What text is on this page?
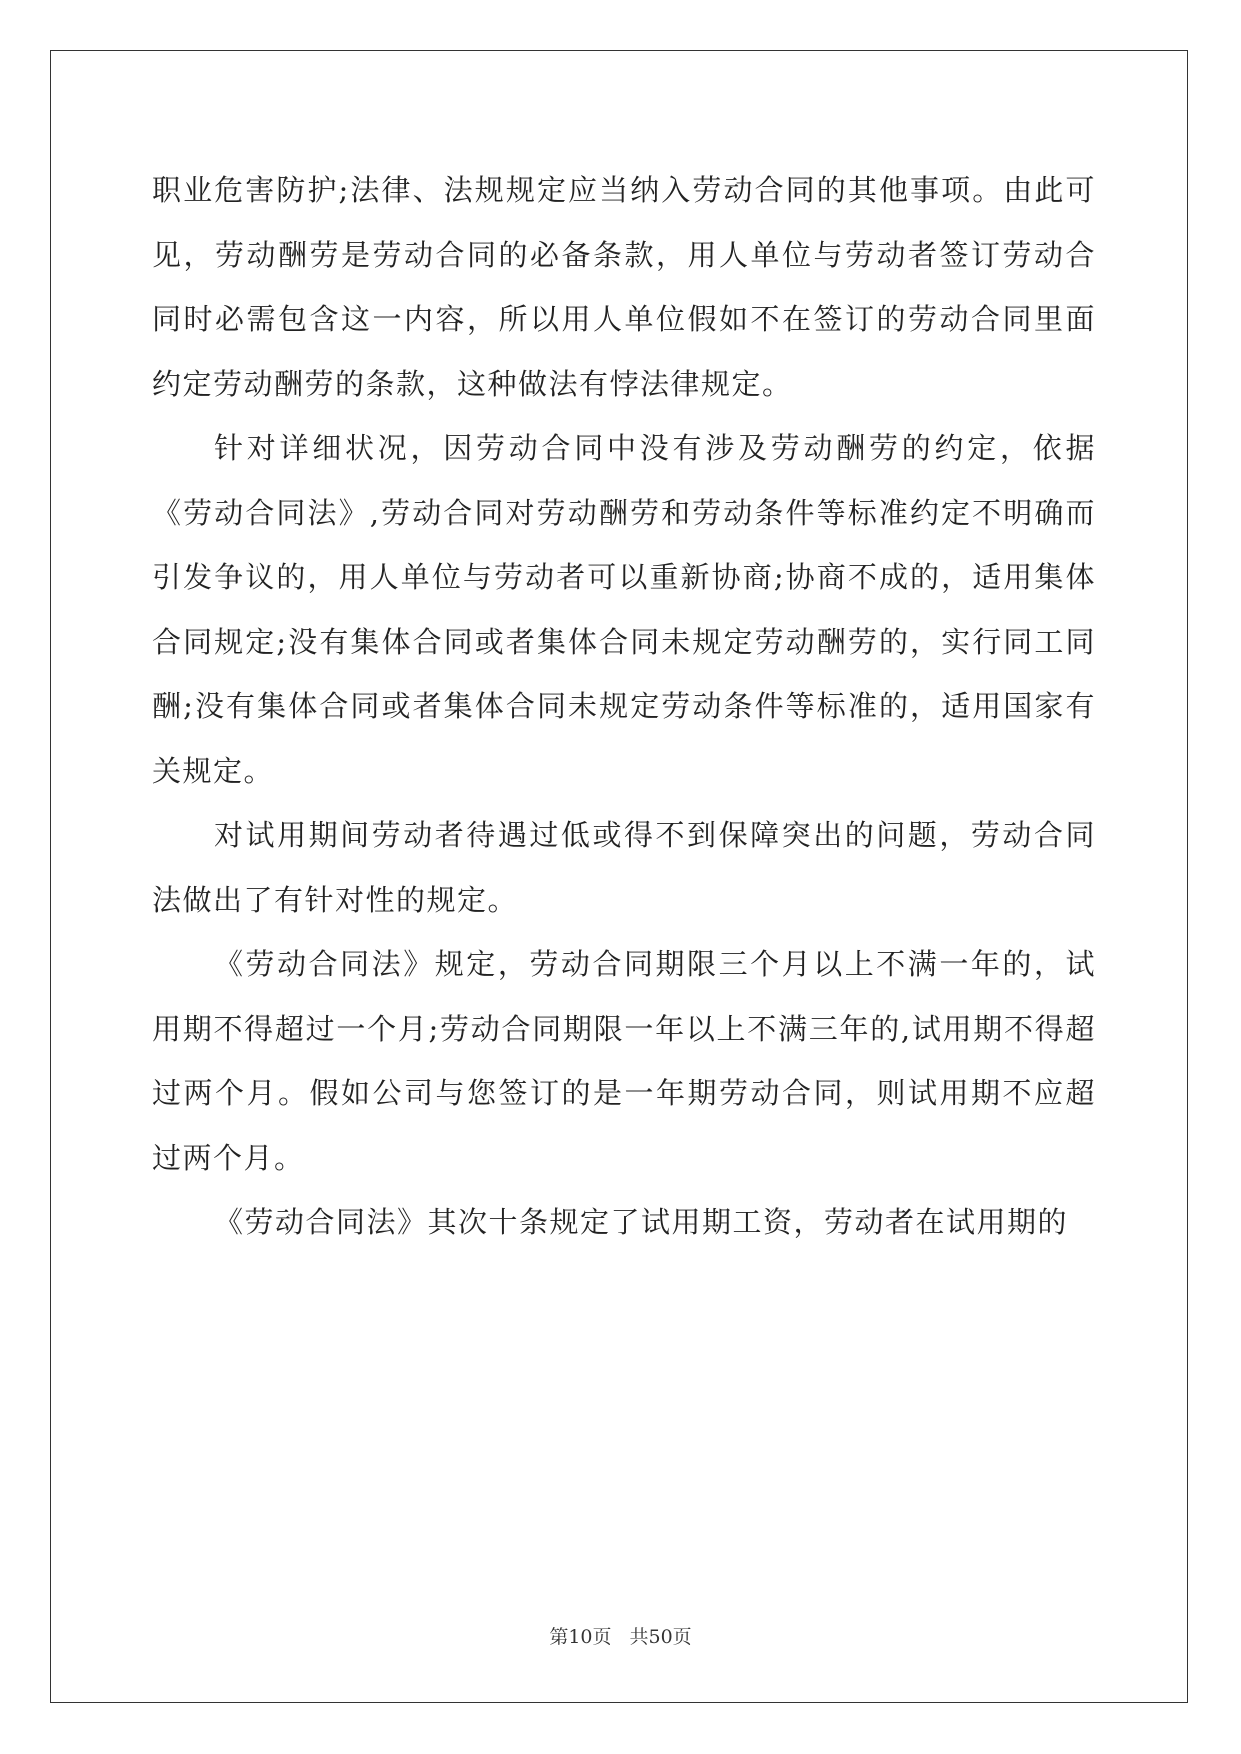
职业危害防护;法律、法规规定应当纳入劳动合同的其他事项。由此可见，劳动酬劳是劳动合同的必备条款，用人单位与劳动者签订劳动合同时必需包含这一内容，所以用人单位假如不在签订的劳动合同里面约定劳动酬劳的条款，这种做法有悖法律规定。

针对详细状况，因劳动合同中没有涉及劳动酬劳的约定，依据《劳动合同法》,劳动合同对劳动酬劳和劳动条件等标准约定不明确而引发争议的，用人单位与劳动者可以重新协商;协商不成的，适用集体合同规定;没有集体合同或者集体合同未规定劳动酬劳的，实行同工同酬;没有集体合同或者集体合同未规定劳动条件等标准的，适用国家有关规定。

对试用期间劳动者待遇过低或得不到保障突出的问题，劳动合同法做出了有针对性的规定。

《劳动合同法》规定，劳动合同期限三个月以上不满一年的，试用期不得超过一个月;劳动合同期限一年以上不满三年的,试用期不得超过两个月。假如公司与您签订的是一年期劳动合同，则试用期不应超过两个月。

《劳动合同法》其次十条规定了试用期工资，劳动者在试用期的

第10页 共50页
